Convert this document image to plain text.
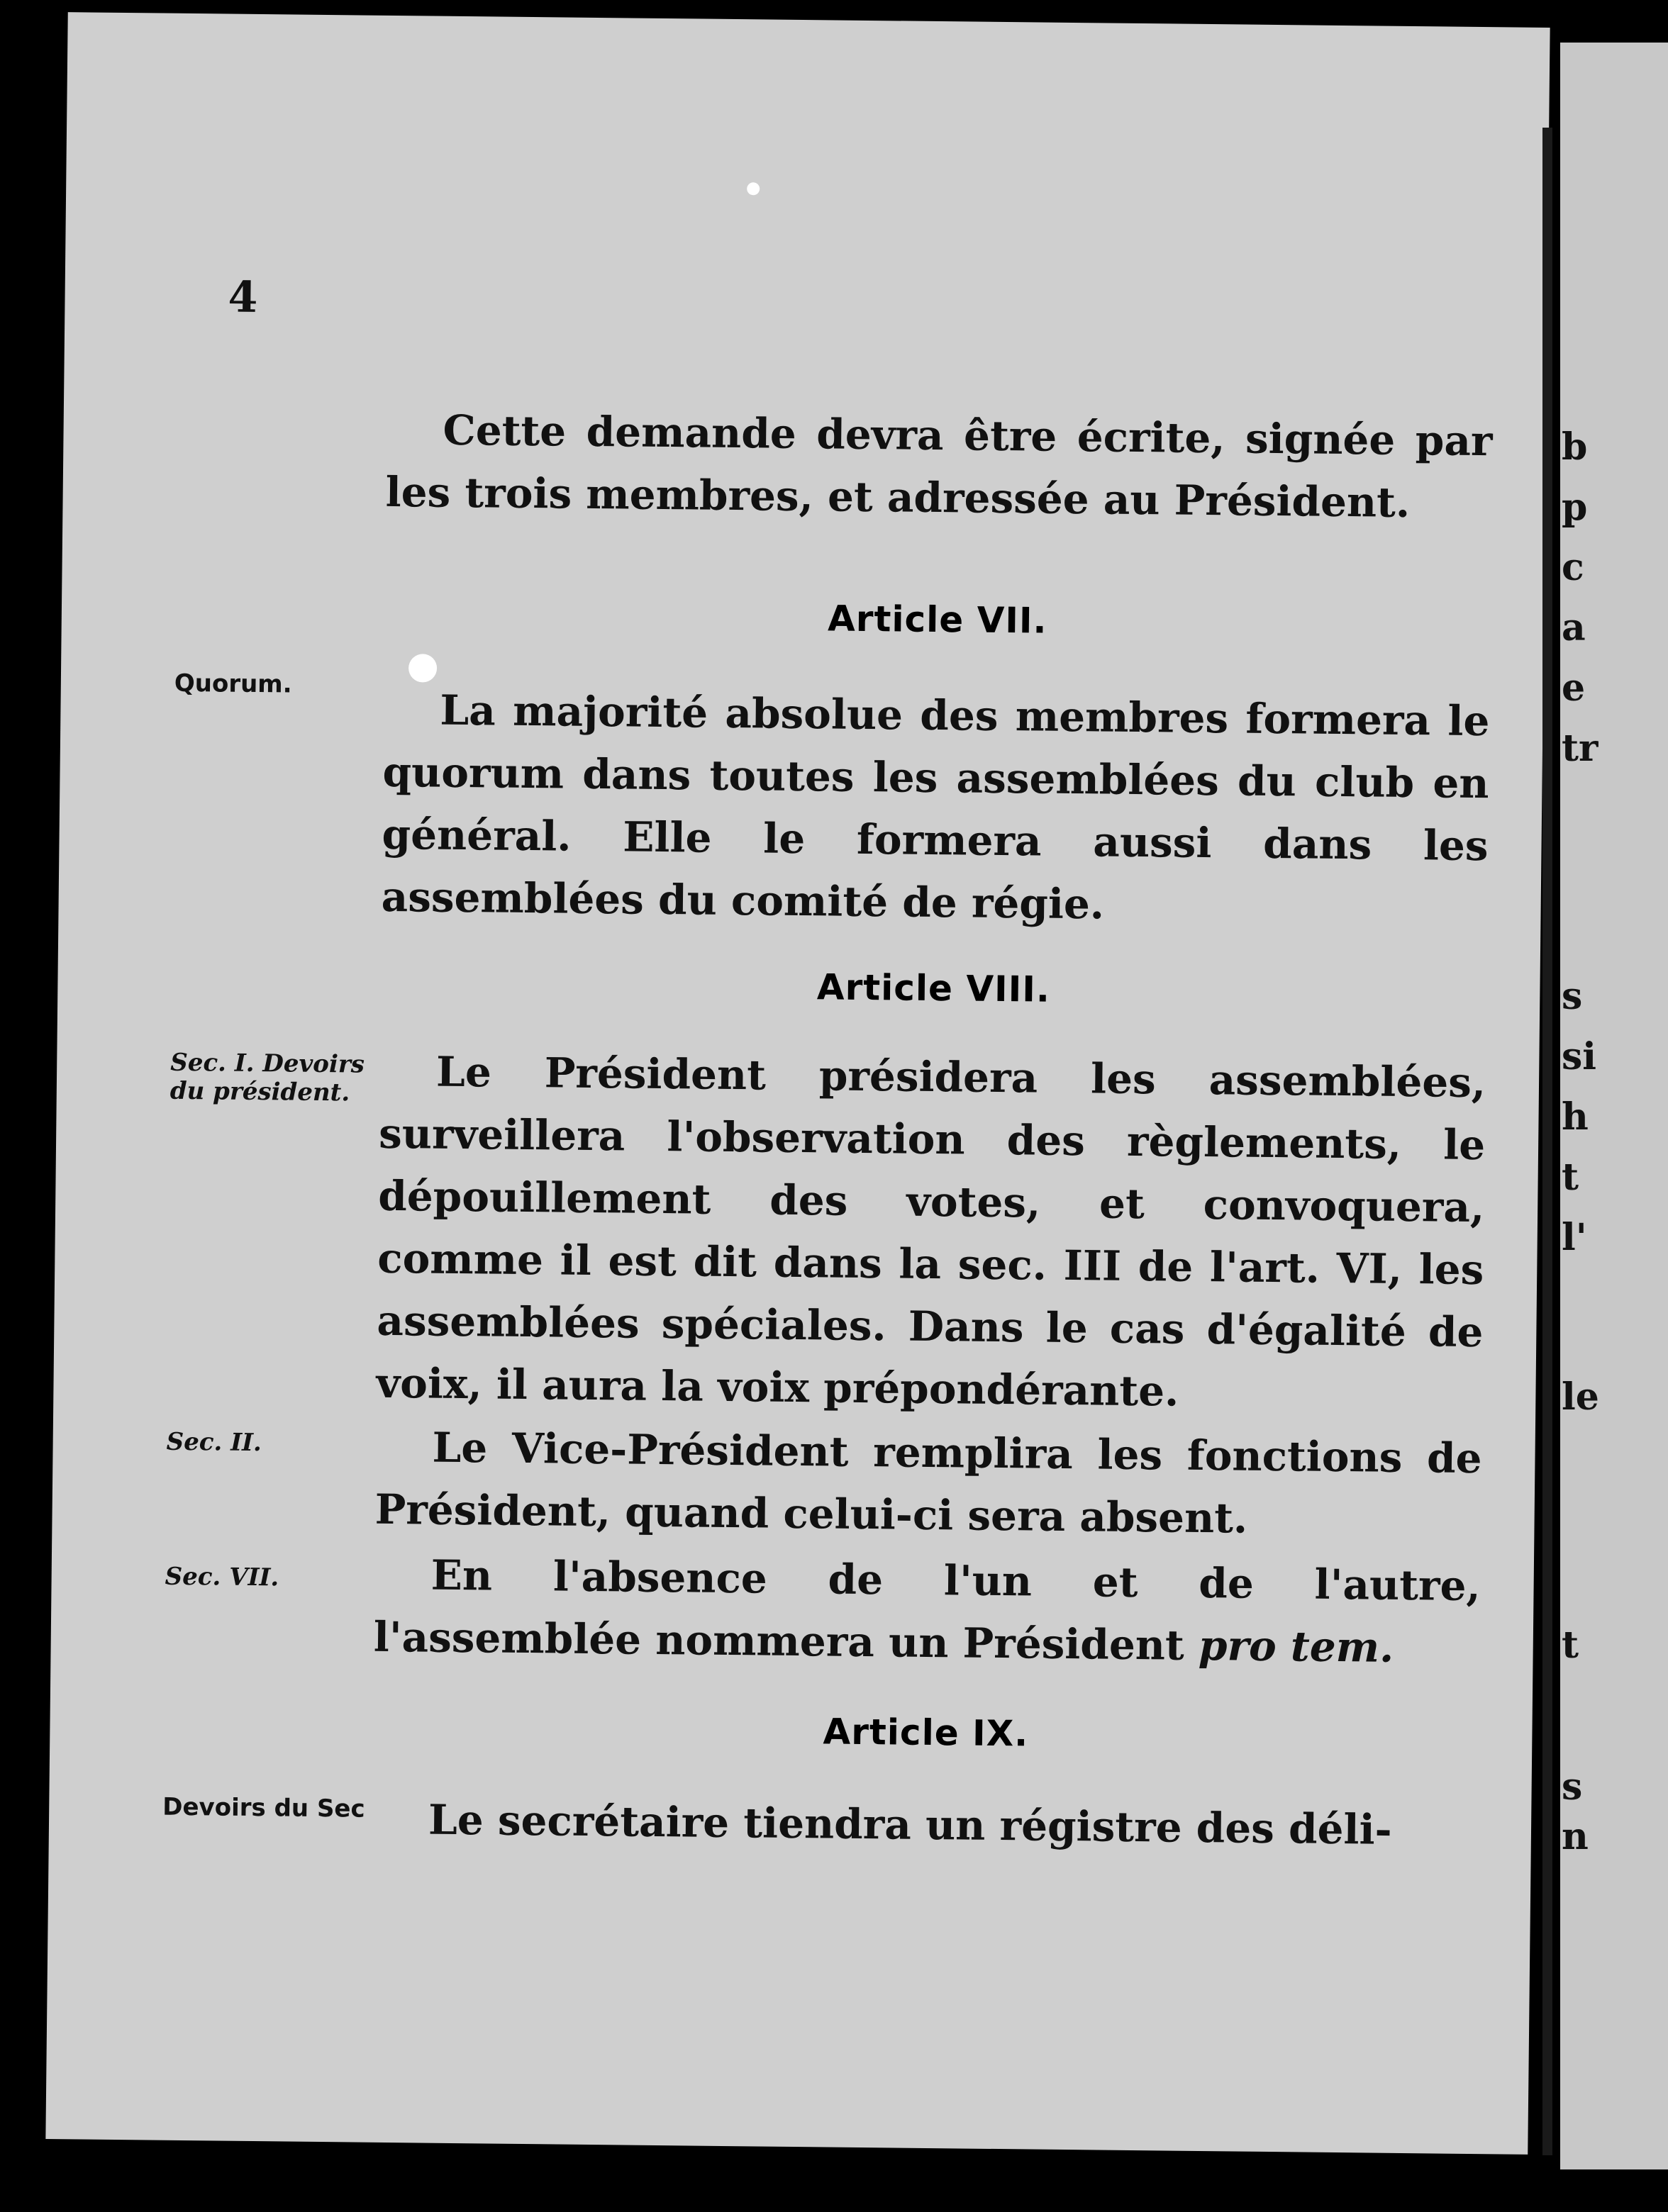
4

Cette demande devra être écrite, signée par les trois membres, et adressée au Président.

Article VII.
Quorum.

La majorité absolue des membres formera le quorum dans toutes les assemblées du club en général. Elle le formera aussi dans les assemblées du comité de régie.

Article VIII.
Sec. I. Devoirs du président.	Le Président présidera les assemblées, surveillera l'observation des règlements, le dépouillement des votes, et convoquera, comme il est dit dans la sec. III de l'art. VI, les assemblées spéciales. Dans le cas d'égalité de voix, il aura la voix prépondérante.

Sec. II.	Le Vice-Président remplira les fonctions de Président, quand celui-ci sera absent.

Sec. VII.	En l'absence de l'un et de l'autre, l'assemblée nommera un Président pro tem.

Article IX.
Devoirs du Sec	Le secrétaire tiendra un régistre des déli-

b
p
c
a
e
tr
s
si
h
t
l'
le
t
s
n
